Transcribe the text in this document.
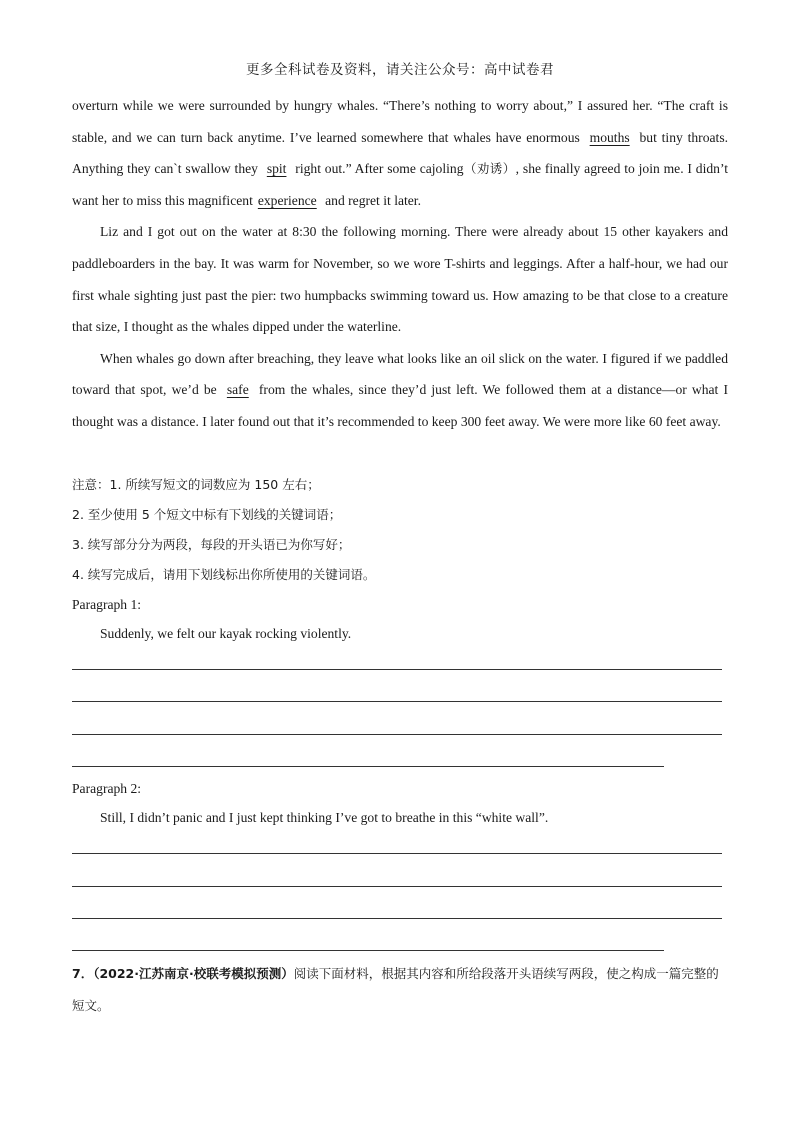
更多全科试卷及资料，请关注公众号：高中试卷君

overturn while we were surrounded by hungry whales. “There’s nothing to worry about,” I assured her. “The craft is stable, and we can turn back anytime. I’ve learned somewhere that whales have enormous mouths but tiny throats. Anything they can`t swallow they spit right out.” After some cajoling（劝诱）, she finally agreed to join me. I didn’t want her to miss this magnificent experience and regret it later.

Liz and I got out on the water at 8:30 the following morning. There were already about 15 other kayakers and paddleboarders in the bay. It was warm for November, so we wore T-shirts and leggings. After a half-hour, we had our first whale sighting just past the pier: two humpbacks swimming toward us. How amazing to be that close to a creature that size, I thought as the whales dipped under the waterline.

When whales go down after breaching, they leave what looks like an oil slick on the water. I figured if we paddled toward that spot, we’d be safe from the whales, since they’d just left. We followed them at a distance—or what I thought was a distance. I later found out that it’s recommended to keep 300 feet away. We were more like 60 feet away.

注意：1. 所续写短文的词数应为 150 左右；

2. 至少使用 5 个短文中标有下划线的关键词语；

3. 续写部分分为两段，每段的开头语已为你写好；

4. 续写完成后，请用下划线标出你所使用的关键词语。

Paragraph 1:

Suddenly, we felt our kayak rocking violently.

Paragraph 2:

Still, I didn’t panic and I just kept thinking I’ve got to breathe in this “white wall”.

7．（2022·江苏南京·校联考模拟预测）阅读下面材料，根据其内容和所给段落开头语续写两段，使之构成一篇完整的短文。
